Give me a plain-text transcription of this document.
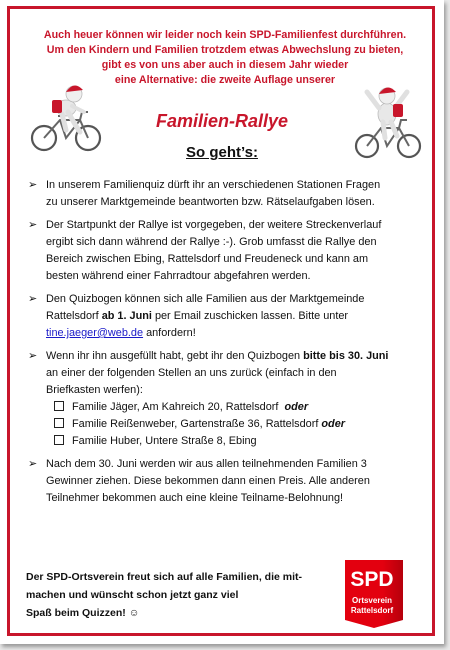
Auch heuer können wir leider noch kein SPD-Familienfest durchführen.
Um den Kindern und Familien trotzdem etwas Abwechslung zu bieten,
gibt es von uns aber auch in diesem Jahr wieder
eine Alternative: die zweite Auflage unserer
Familien-Rallye
So geht’s:
➢ In unserem Familienquiz dürft ihr an verschiedenen Stationen Fragen
zu unserer Marktgemeinde beantworten bzw. Rätselaufgaben lösen.
➢ Der Startpunkt der Rallye ist vorgegeben, der weitere Streckenverlauf
ergibt sich dann während der Rallye :-). Grob umfasst die Rallye den
Bereich zwischen Ebing, Rattelsdorf und Freudeneck und kann am
besten während einer Fahrradtour abgefahren werden.
➢ Den Quizbogen können sich alle Familien aus der Marktgemeinde
Rattelsdorf ab 1. Juni per Email zuschicken lassen. Bitte unter
tine.jaeger@web.de anfordern!
➢ Wenn ihr ihn ausgefüllt habt, gebt ihr den Quizbogen bitte bis 30. Juni
an einer der folgenden Stellen an uns zurück (einfach in den
Briefkasten werfen):
Familie Jäger, Am Kahreich 20, Rattelsdorf oder
Familie Reißenweber, Gartenstraße 36, Rattelsdorf oder
Familie Huber, Untere Straße 8, Ebing
➢ Nach dem 30. Juni werden wir aus allen teilnehmenden Familien 3
Gewinner ziehen. Diese bekommen dann einen Preis. Alle anderen
Teilnehmer bekommen auch eine kleine Teilname-Belohnung!
Der SPD-Ortsverein freut sich auf alle Familien, die mit-
machen und wünscht schon jetzt ganz viel
Spaß beim Quizzen! ☺
SPD
Ortsverein
Rattelsdorf
